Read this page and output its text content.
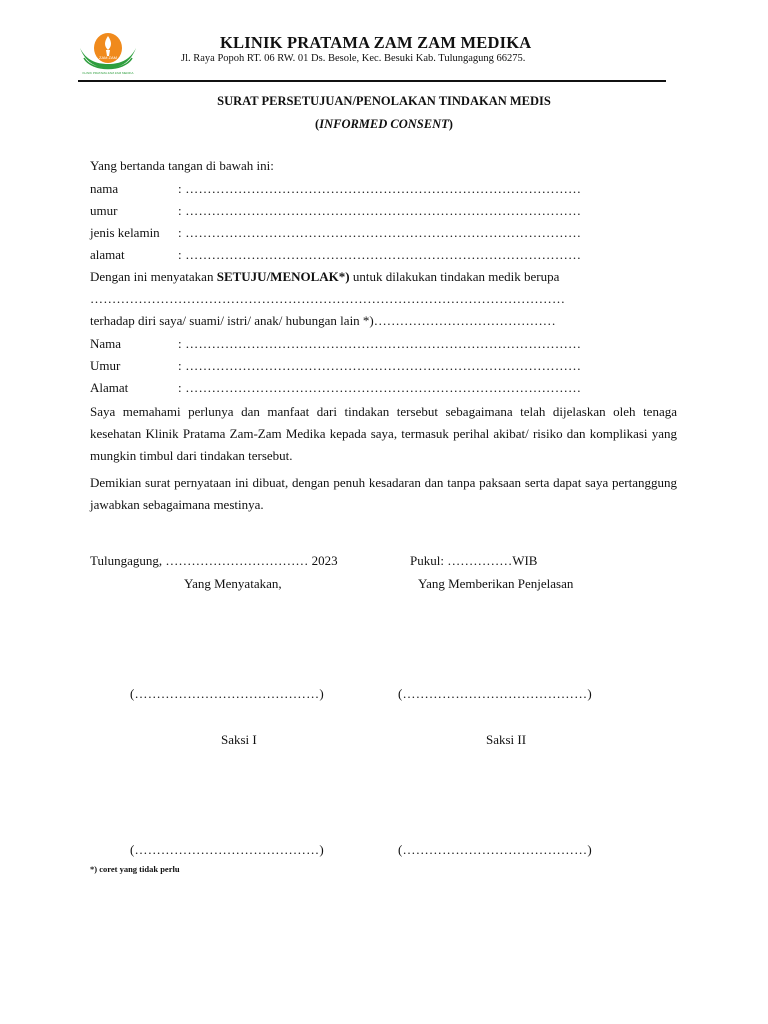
ZAM ZAM
KLINIK PRATAMA ZAM ZAM MEDIKA
KLINIK PRATAMA ZAM ZAM MEDIKA
Jl. Raya Popoh RT. 06 RW. 01 Ds. Besole, Kec. Besuki Kab. Tulungagung 66275.
SURAT PERSETUJUAN/PENOLAKAN TINDAKAN MEDIS
(INFORMED CONSENT)
Yang bertanda tangan di bawah ini:
nama	: ………………………………………………………………………………
umur	: ………………………………………………………………………………
jenis kelamin : ………………………………………………………………………………
alamat	: ………………………………………………………………………………
Dengan ini menyatakan SETUJU/MENOLAK*) untuk dilakukan tindakan medik berupa
………………………………………………………………………………………………
terhadap diri saya/ suami/ istri/ anak/ hubungan lain *)……………………………………
Nama	: ………………………………………………………………………………
Umur	: ………………………………………………………………………………
Alamat	: ………………………………………………………………………………
Saya memahami perlunya dan manfaat dari tindakan tersebut sebagaimana telah dijelaskan oleh tenaga kesehatan Klinik Pratama Zam-Zam Medika kepada saya, termasuk perihal akibat/ risiko dan komplikasi yang mungkin timbul dari tindakan tersebut.
Demikian surat pernyataan ini dibuat, dengan penuh kesadaran dan tanpa paksaan serta dapat saya pertanggung jawabkan sebagaimana mestinya.
Tulungagung, …………………………… 2023	Pukul: ……………WIB
Yang Menyatakan,	Yang Memberikan Penjelasan
(……………………………………)	(……………………………………)
Saksi I	Saksi II
(……………………………………)	(……………………………………)
*) coret yang tidak perlu
